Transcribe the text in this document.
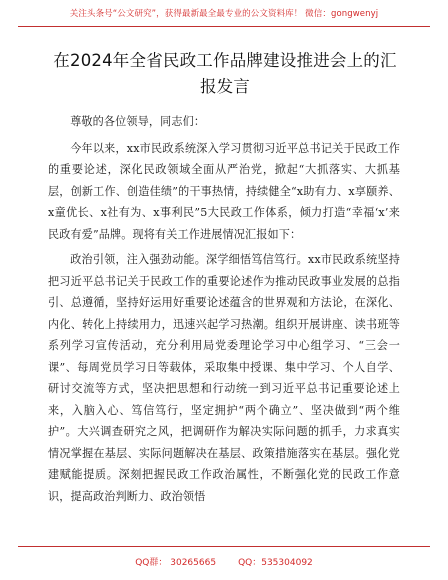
关注头条号“公文研究”，获得最新最全最专业的公文资料库！ 微信：gongwenyj
在2024年全省民政工作品牌建设推进会上的汇报发言

尊敬的各位领导，同志们：

今年以来，xx市民政系统深入学习贯彻习近平总书记关于民政工作的重要论述，深化民政领域全面从严治党，掀起“大抓落实、大抓基层，创新工作、创造佳绩”的干事热情，持续健全“x助有力、x享颐养、x童优长、x社有为、x事利民”5大民政工作体系，倾力打造“幸福‘x’来民政有爱”品牌。现将有关工作进展情况汇报如下：

政治引领，注入强劲动能。深学细悟笃信笃行。xx市民政系统坚持把习近平总书记关于民政工作的重要论述作为推动民政事业发展的总指引、总遵循，坚持好运用好重要论述蕴含的世界观和方法论，在深化、内化、转化上持续用力，迅速兴起学习热潮。组织开展讲座、读书班等系列学习宣传活动，充分利用局党委理论学习中心组学习、“三会一课”、每周党员学习日等载体，采取集中授课、集中学习、个人自学、研讨交流等方式，坚决把思想和行动统一到习近平总书记重要论述上来，入脑入心、笃信笃行，坚定拥护“两个确立”、坚决做到“两个维护”。大兴调查研究之风，把调研作为解决实际问题的抓手，力求真实情况掌握在基层、实际问题解决在基层、政策措施落实在基层。强化党建赋能提质。深刻把握民政工作政治属性，不断强化党的民政工作意识，提高政治判断力、政治领悟

QQ群： 30265665 QQ：535304092
